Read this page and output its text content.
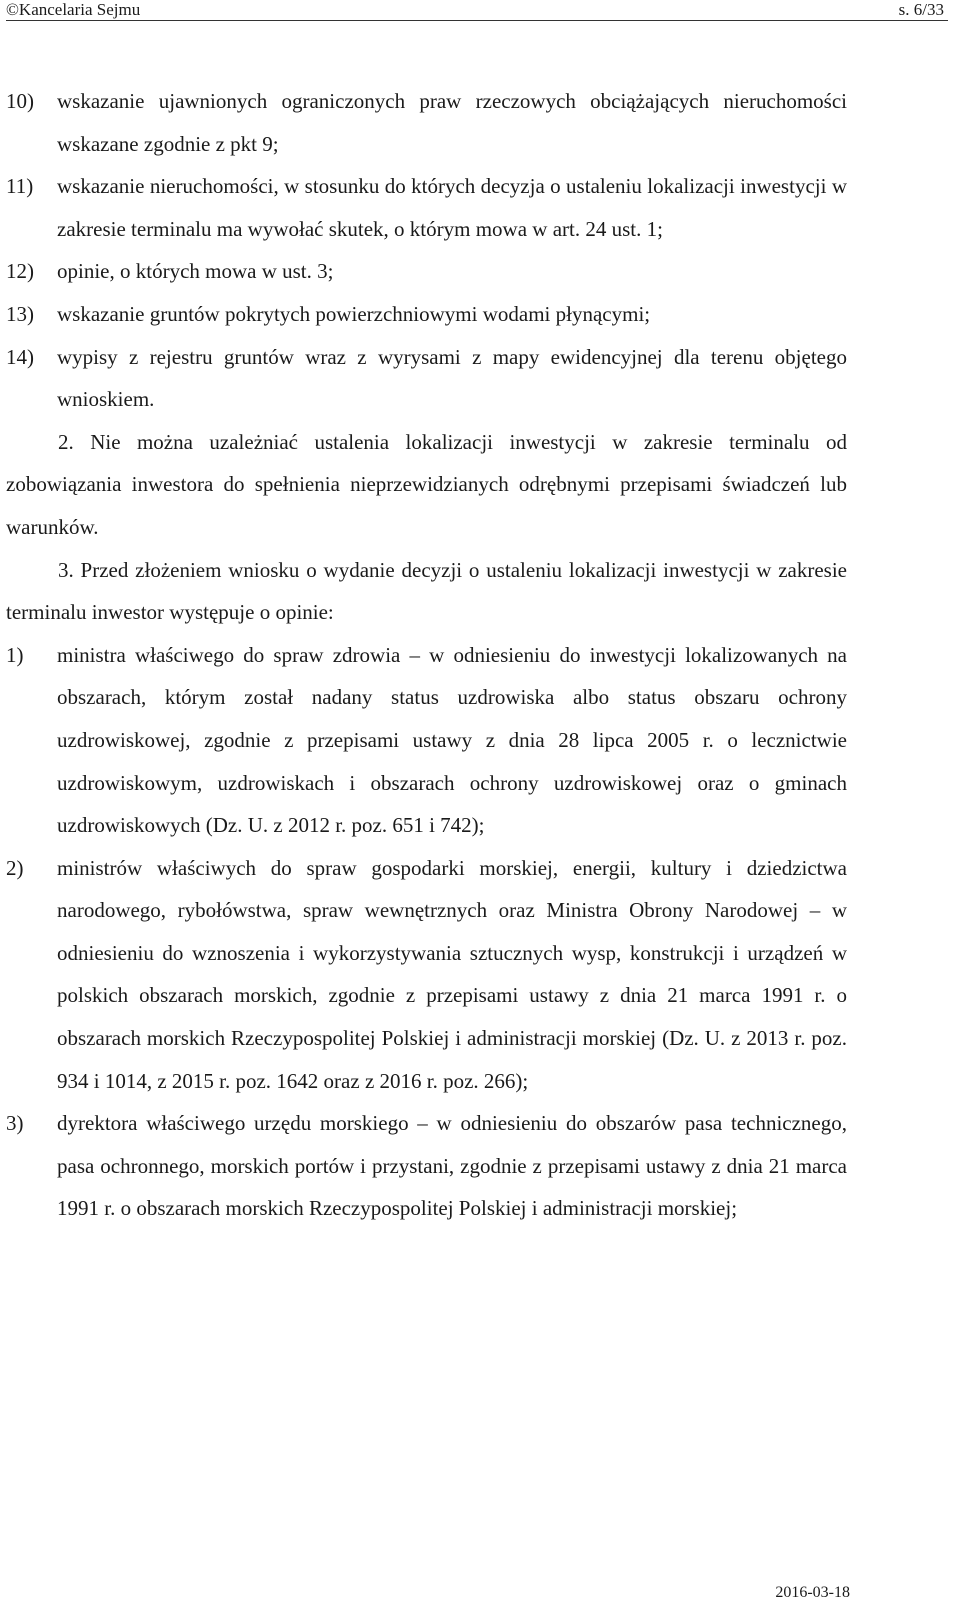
©Kancelaria Sejmu	s. 6/33
10) wskazanie ujawnionych ograniczonych praw rzeczowych obciążających nieruchomości wskazane zgodnie z pkt 9;
11) wskazanie nieruchomości, w stosunku do których decyzja o ustaleniu lokalizacji inwestycji w zakresie terminalu ma wywołać skutek, o którym mowa w art. 24 ust. 1;
12) opinie, o których mowa w ust. 3;
13) wskazanie gruntów pokrytych powierzchniowymi wodami płynącymi;
14) wypisy z rejestru gruntów wraz z wyrysami z mapy ewidencyjnej dla terenu objętego wnioskiem.
2. Nie można uzależniać ustalenia lokalizacji inwestycji w zakresie terminalu od zobowiązania inwestora do spełnienia nieprzewidzianych odrębnymi przepisami świadczeń lub warunków.
3. Przed złożeniem wniosku o wydanie decyzji o ustaleniu lokalizacji inwestycji w zakresie terminalu inwestor występuje o opinie:
1) ministra właściwego do spraw zdrowia – w odniesieniu do inwestycji lokalizowanych na obszarach, którym został nadany status uzdrowiska albo status obszaru ochrony uzdrowiskowej, zgodnie z przepisami ustawy z dnia 28 lipca 2005 r. o lecznictwie uzdrowiskowym, uzdrowiskach i obszarach ochrony uzdrowiskowej oraz o gminach uzdrowiskowych (Dz. U. z 2012 r. poz. 651 i 742);
2) ministrów właściwych do spraw gospodarki morskiej, energii, kultury i dziedzictwa narodowego, rybołówstwa, spraw wewnętrznych oraz Ministra Obrony Narodowej – w odniesieniu do wznoszenia i wykorzystywania sztucznych wysp, konstrukcji i urządzeń w polskich obszarach morskich, zgodnie z przepisami ustawy z dnia 21 marca 1991 r. o obszarach morskich Rzeczypospolitej Polskiej i administracji morskiej (Dz. U. z 2013 r. poz. 934 i 1014, z 2015 r. poz. 1642 oraz z 2016 r. poz. 266);
3) dyrektora właściwego urzędu morskiego – w odniesieniu do obszarów pasa technicznego, pasa ochronnego, morskich portów i przystani, zgodnie z przepisami ustawy z dnia 21 marca 1991 r. o obszarach morskich Rzeczypospolitej Polskiej i administracji morskiej;
2016-03-18
